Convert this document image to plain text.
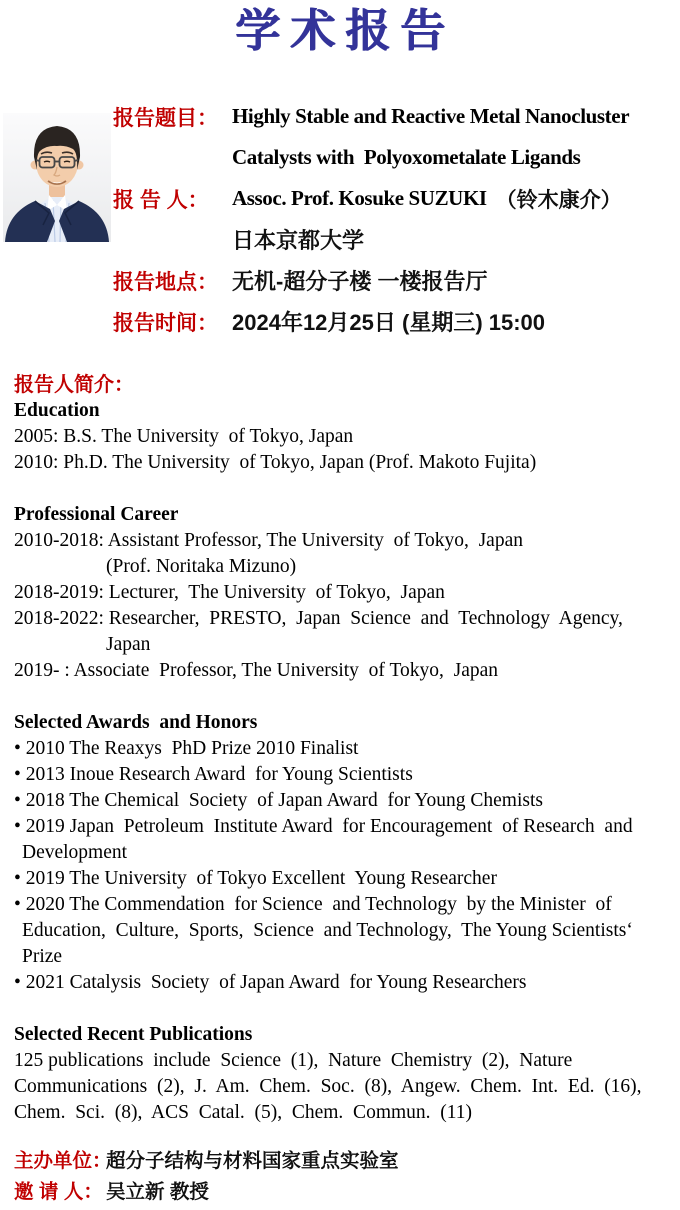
学术报告
报告题目： Highly Stable and Reactive Metal Nanocluster
Catalysts with  Polyoxometalate Ligands
报 告 人：	Assoc. Prof. Kosuke SUZUKI （铃木康介）
日本京都大学
报告地点： 无机-超分子楼 一楼报告厅
报告时间： 2024年12月25日 (星期三) 15:00
报告人简介：
Education
2005: B.S. The University  of Tokyo, Japan
2010: Ph.D. The University  of Tokyo, Japan (Prof. Makoto Fujita)
Professional Career
2010-2018: Assistant Professor, The University  of Tokyo,  Japan
(Prof. Noritaka Mizuno)
2018-2019: Lecturer,  The University  of Tokyo,  Japan
2018-2022: Researcher,  PRESTO,  Japan  Science  and  Technology  Agency,
Japan
2019- : Associate  Professor, The University  of Tokyo,  Japan
Selected Awards  and Honors
• 2010 The Reaxys  PhD Prize 2010 Finalist
• 2013 Inoue Research Award  for Young Scientists
• 2018 The Chemical  Society  of Japan Award  for Young Chemists
• 2019 Japan  Petroleum  Institute Award  for Encouragement  of Research  and
Development
• 2019 The University  of Tokyo Excellent  Young Researcher
• 2020 The Commendation  for Science  and Technology  by the Minister  of
Education,  Culture,  Sports,  Science  and Technology,  The Young Scientists‘
Prize
• 2021 Catalysis  Society  of Japan Award  for Young Researchers
Selected Recent Publications
125 publications  include  Science  (1),  Nature  Chemistry  (2),  Nature
Communications  (2),  J.  Am.  Chem.  Soc.  (8),  Angew.  Chem.  Int.  Ed.  (16),
Chem.  Sci.  (8),  ACS  Catal.  (5),  Chem.  Commun.  (11)
主办单位：
超分子结构与材料国家重点实验室
邀 请 人： 吴立新 教授
